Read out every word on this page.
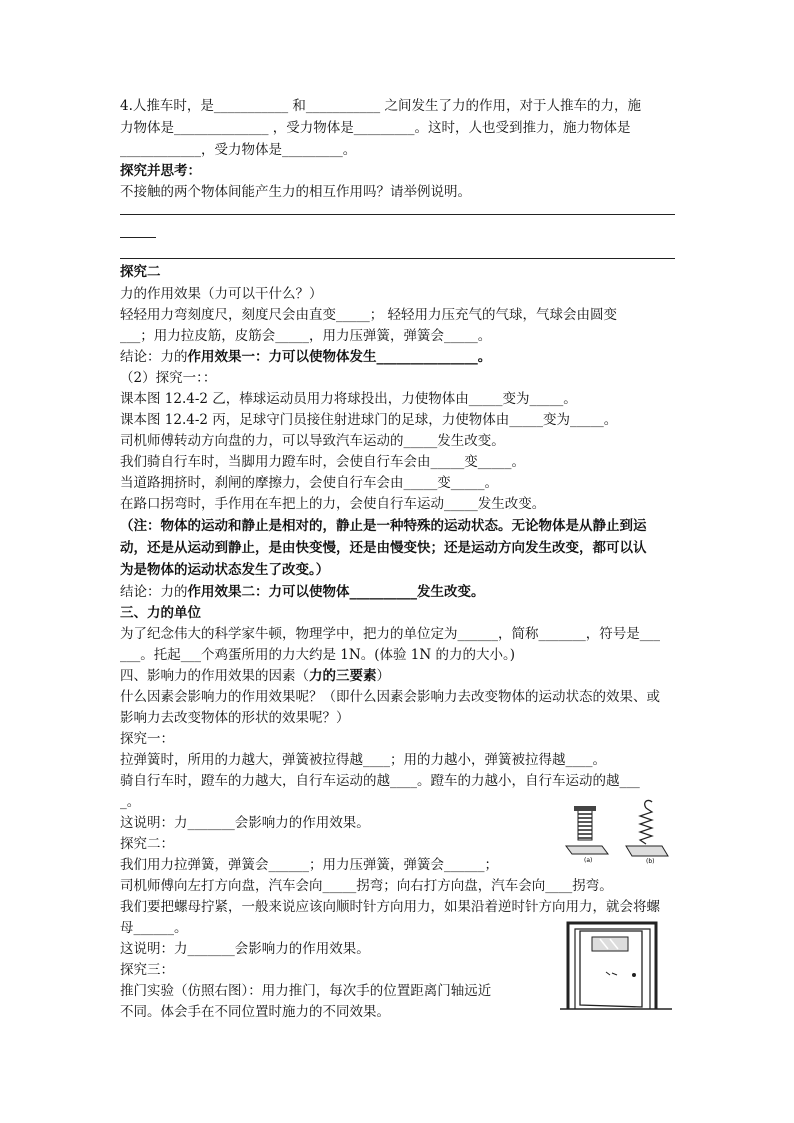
4.人推车时，是___________ 和___________ 之间发生了力的作用，对于人推车的力，施
力物体是______________ ，受力物体是_________。这时，人也受到推力，施力物体是
____________，受力物体是_________。
探究并思考：
不接触的两个物体间能产生力的相互作用吗？请举例说明。
探究二
力的作用效果（力可以干什么？）
轻轻用力弯刻度尺，刻度尺会由直变_____； 轻轻用力压充气的气球，气球会由圆变
___；用力拉皮筋，皮筋会_____，用力压弹簧，弹簧会_____。
结论：力的作用效果一：力可以使物体发生_______________。
（2）探究一：：
课本图 12.4-2 乙，棒球运动员用力将球投出，力使物体由_____变为_____。
课本图 12.4-2 丙，足球守门员接住射进球门的足球，力使物体由_____变为_____。
司机师傅转动方向盘的力，可以导致汽车运动的_____发生改变。
我们骑自行车时，当脚用力蹬车时，会使自行车会由_____变_____。
当道路拥挤时，刹闸的摩擦力，会使自行车会由_____变_____。
在路口拐弯时，手作用在车把上的力，会使自行车运动_____发生改变。
（注：物体的运动和静止是相对的，静止是一种特殊的运动状态。无论物体是从静止到运
动，还是从运动到静止，是由快变慢，还是由慢变快；还是运动方向发生改变，都可以认
为是物体的运动状态发生了改变。）
结论：力的作用效果二：力可以使物体__________发生改变。
三、力的单位
为了纪念伟大的科学家牛顿，物理学中，把力的单位定为______，简称_______，符号是___
___。托起___个鸡蛋所用的力大约是 1N。(体验 1N 的力的大小。)
四、影响力的作用效果的因素（力的三要素）
什么因素会影响力的作用效果呢？（即什么因素会影响力去改变物体的运动状态的效果、或
影响力去改变物体的形状的效果呢？）
探究一：
拉弹簧时，所用的力越大，弹簧被拉得越____；用的力越小，弹簧被拉得越____。
骑自行车时，蹬车的力越大，自行车运动的越____。蹬车的力越小，自行车运动的越___
_。
这说明：力_______会影响力的作用效果。
探究二：
我们用力拉弹簧，弹簧会______；用力压弹簧，弹簧会______；
司机师傅向左打方向盘，汽车会向_____拐弯；向右打方向盘，汽车会向____拐弯。
我们要把螺母拧紧，一般来说应该向顺时针方向用力，如果沿着逆时针方向用力，就会将螺
母______。
这说明：力_______会影响力的作用效果。
探究三：
推门实验（仿照右图）：用力推门，每次手的位置距离门轴远近
不同。体会手在不同位置时施力的不同效果。
(a)	(b)
